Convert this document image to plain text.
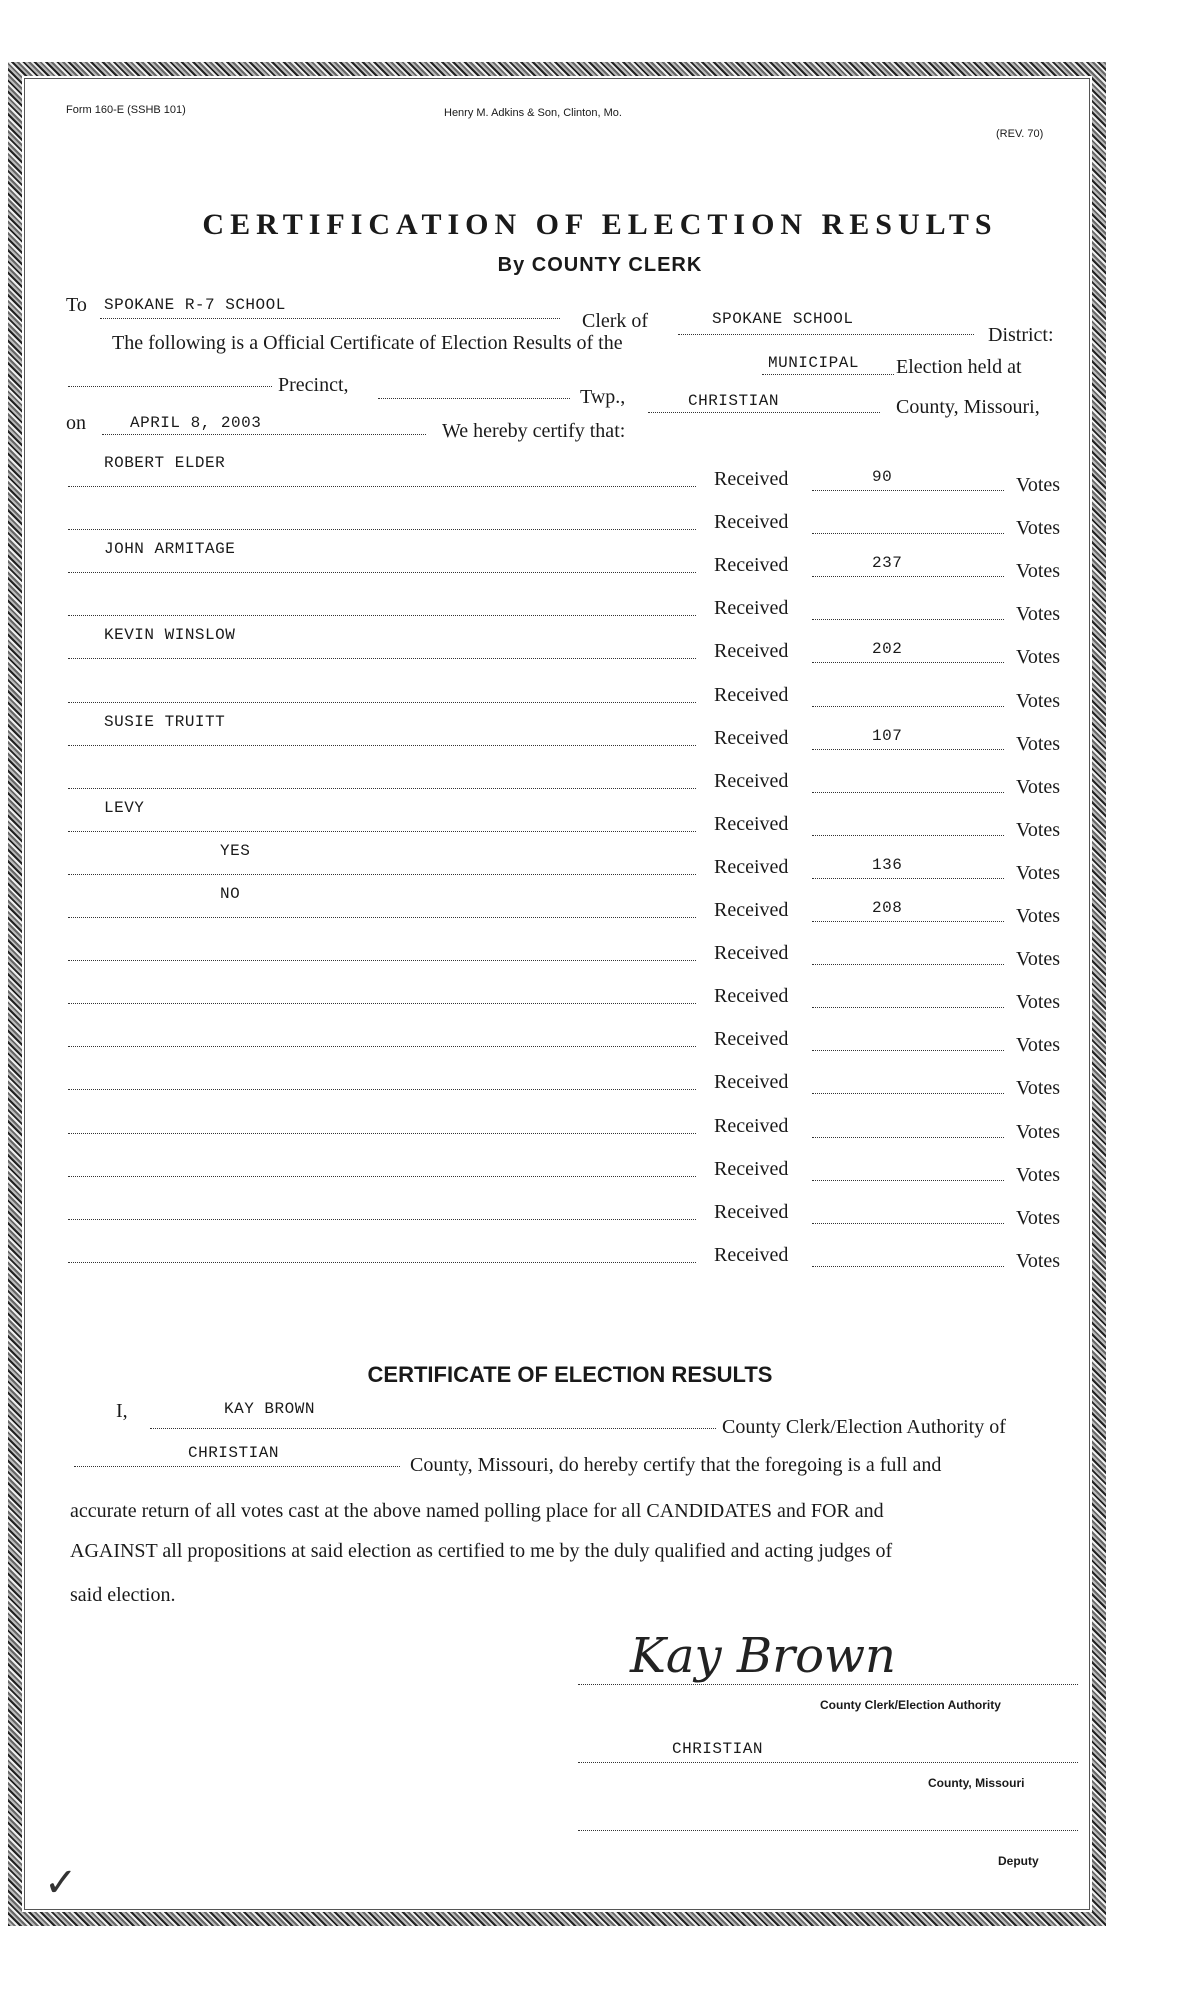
Form 160-E (SSHB 101)	Henry M. Adkins & Son, Clinton, Mo.
(REV. 70)
CERTIFICATION OF ELECTION RESULTS
By COUNTY CLERK
To SPOKANE R-7 SCHOOL
Clerk of	SPOKANE SCHOOL
District:
The following is a Official Certificate of Election Results of the
MUNICIPAL Election held at
Precinct,
Twp.,	CHRISTIAN	County, Missouri,
on	APRIL 8, 2003	We hereby certify that:
ROBERT ELDER
Received	90	Votes
Received	Votes
JOHN ARMITAGE
Received	237	Votes
Received	Votes
KEVIN WINSLOW
Received	202	Votes
Received	Votes
SUSIE TRUITT
Received	107	Votes
Received	Votes
LEVY
Received	Votes
YES
Received	136	Votes
NO
Received	208	Votes
Received	Votes
Received	Votes
Received	Votes
Received	Votes
Received	Votes
Received	Votes
Received	Votes
Received	Votes
CERTIFICATE OF ELECTION RESULTS
I,	KAY BROWN
County Clerk/Election Authority of
CHRISTIAN
County, Missouri, do hereby certify that the foregoing is a full and
accurate return of all votes cast at the above named polling place for all CANDIDATES and FOR and
AGAINST all propositions at said election as certified to me by the duly qualified and acting judges of
said election.
Kay Brown
County Clerk/Election Authority
CHRISTIAN
County, Missouri
Deputy
✓
